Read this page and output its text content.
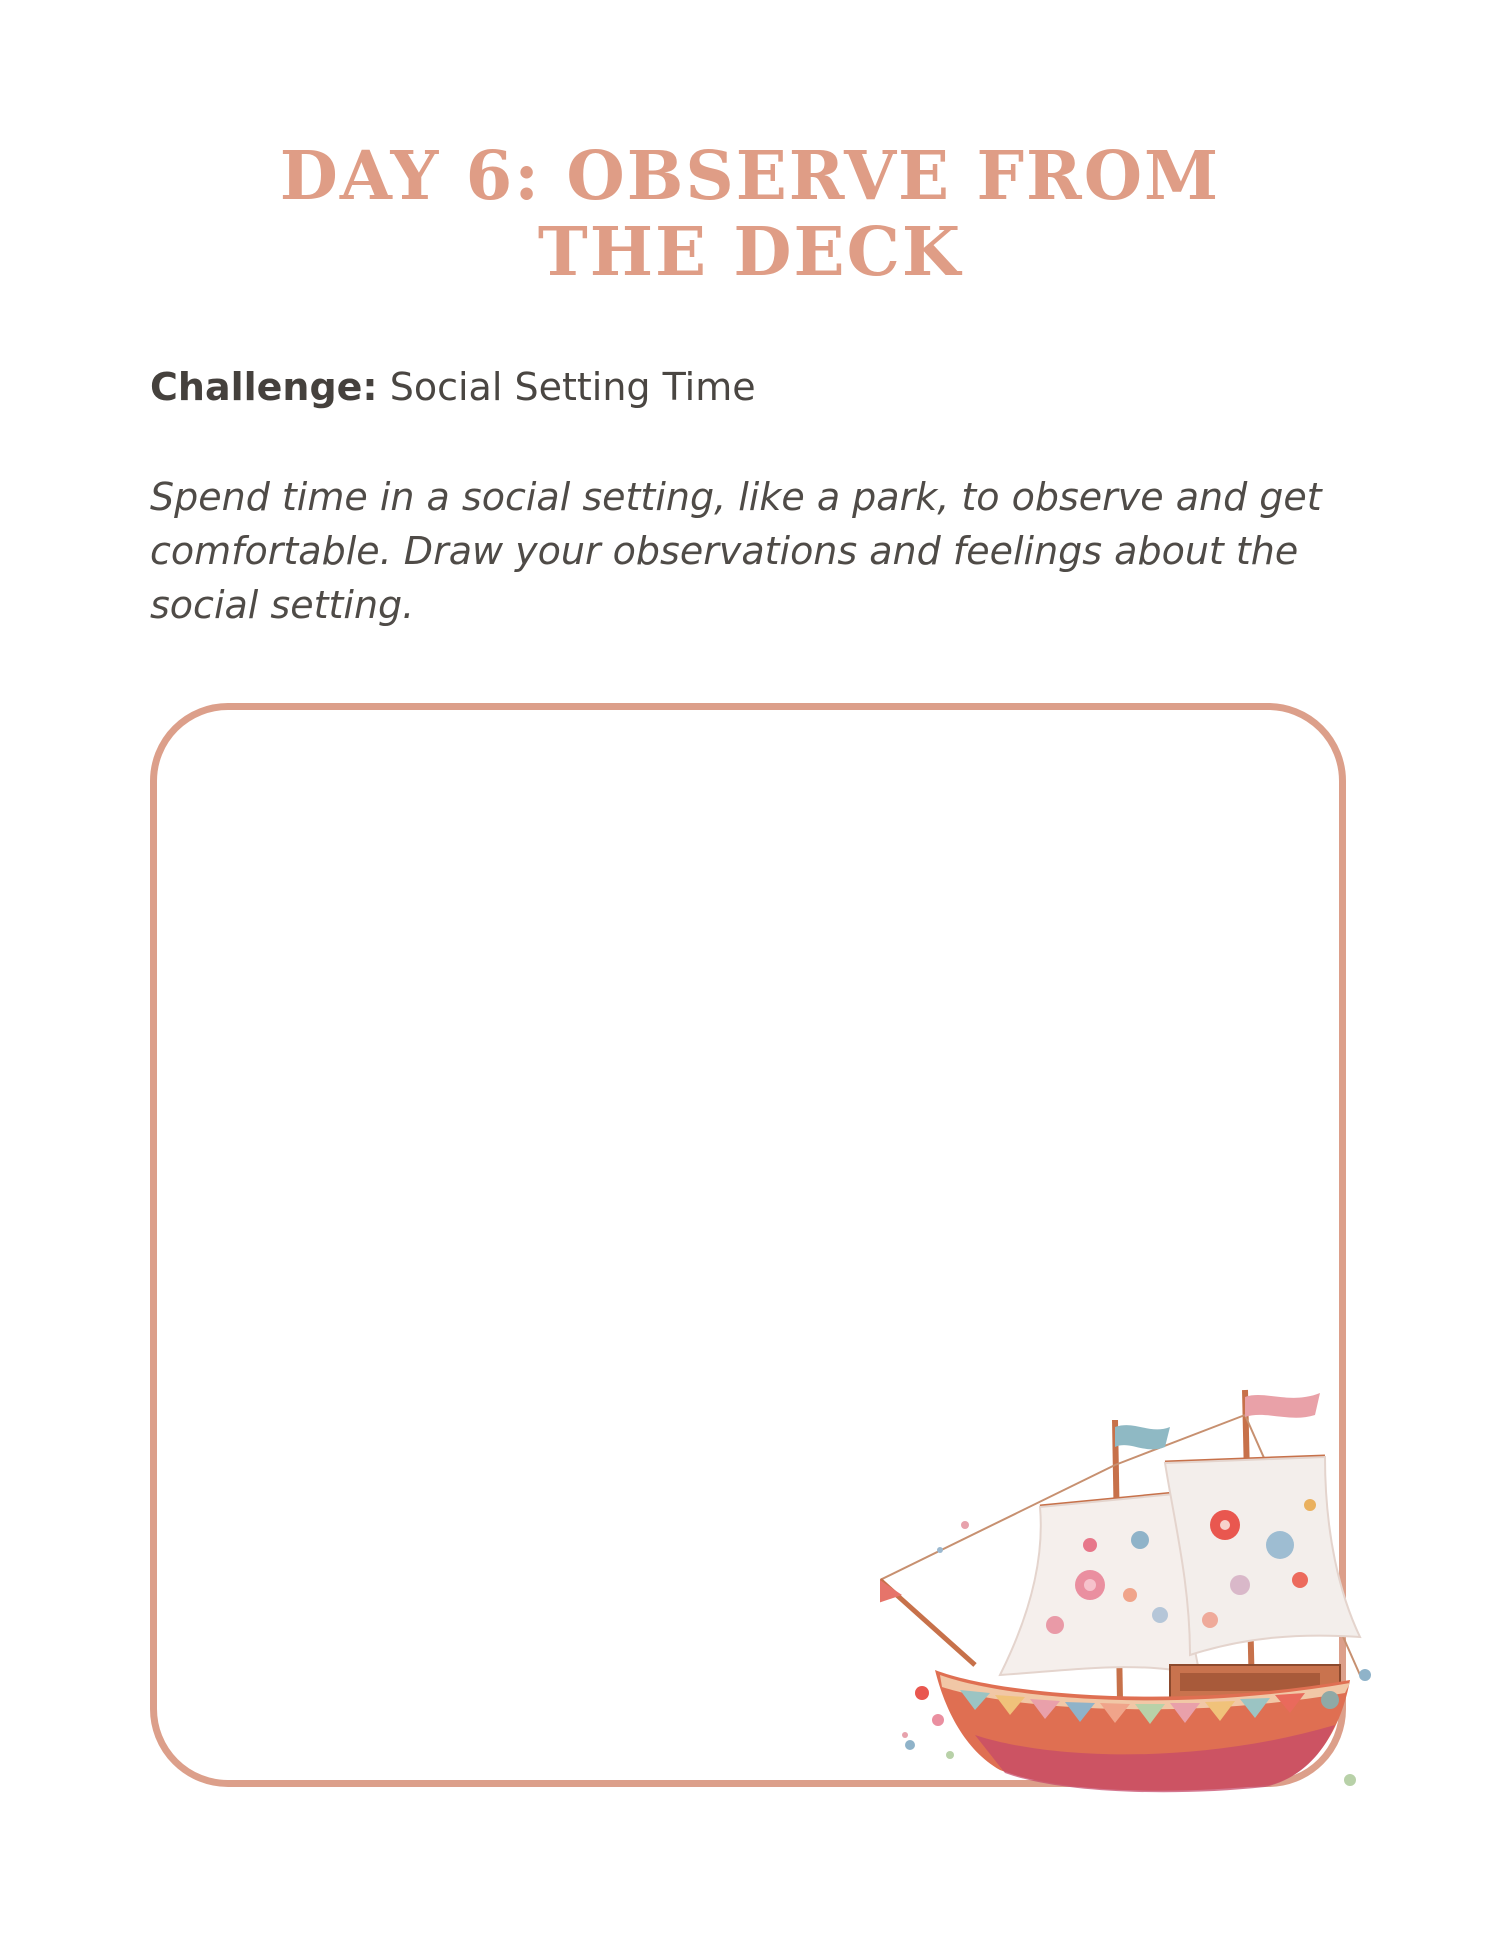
DAY 6: OBSERVE FROM
THE DECK
Challenge: Social Setting Time
Spend time in a social setting, like a park, to observe and get comfortable. Draw your observations and feelings about the social setting.
